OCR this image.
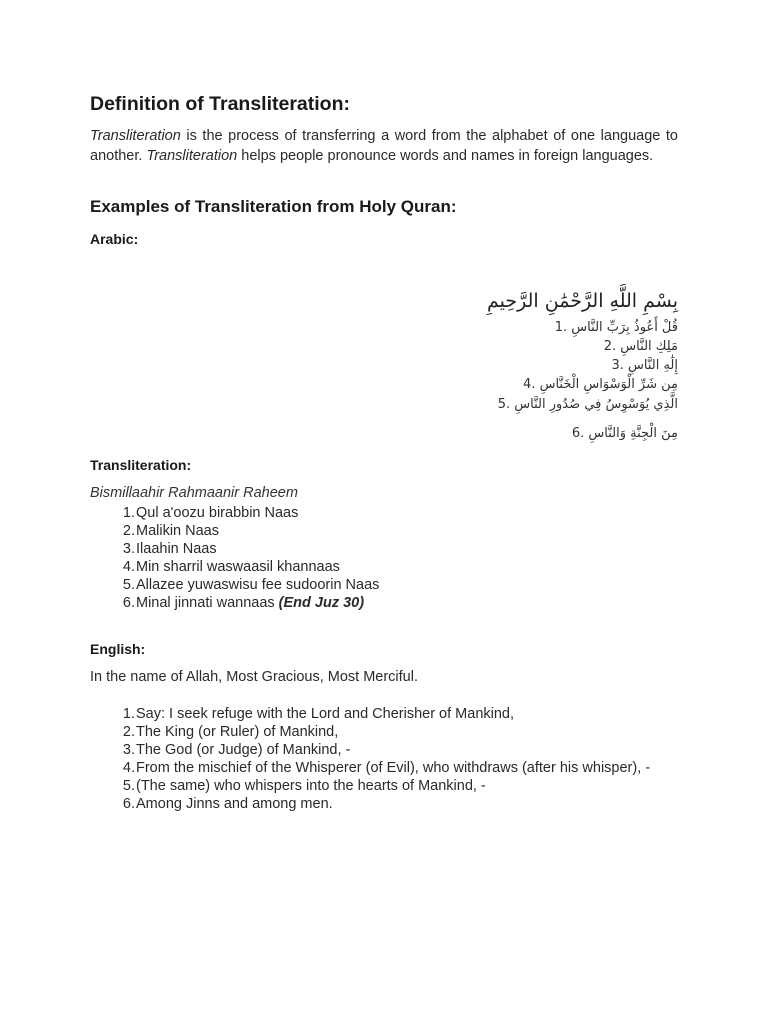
Definition of Transliteration:
Transliteration is the process of transferring a word from the alphabet of one language to another. Transliteration helps people pronounce words and names in foreign languages.
Examples of Transliteration from Holy Quran:
Arabic:
بِسْمِ اللَّهِ الرَّحْمَٰنِ الرَّحِيمِ
قُلْ أَعُوذُ بِرَبِّ النَّاسِ .1
مَلِكِ النَّاسِ .2
إِلَٰهِ النَّاسِ .3
مِن شَرِّ الْوَسْوَاسِ الْخَنَّاسِ .4
الَّذِي يُوَسْوِسُ فِي صُدُورِ النَّاسِ .5
مِنَ الْجِنَّةِ وَالنَّاسِ .6
Transliteration:
Bismillaahir Rahmaanir Raheem
1. Qul a'oozu birabbin Naas
2. Malikin Naas
3. Ilaahin Naas
4. Min sharril waswaasil khannaas
5. Allazee yuwaswisu fee sudoorin Naas
6. Minal jinnati wannaas (End Juz 30)
English:
In the name of Allah, Most Gracious, Most Merciful.
1. Say: I seek refuge with the Lord and Cherisher of Mankind,
2. The King (or Ruler) of Mankind,
3. The God (or Judge) of Mankind, -
4. From the mischief of the Whisperer (of Evil), who withdraws (after his whisper), -
5. (The same) who whispers into the hearts of Mankind, -
6. Among Jinns and among men.
